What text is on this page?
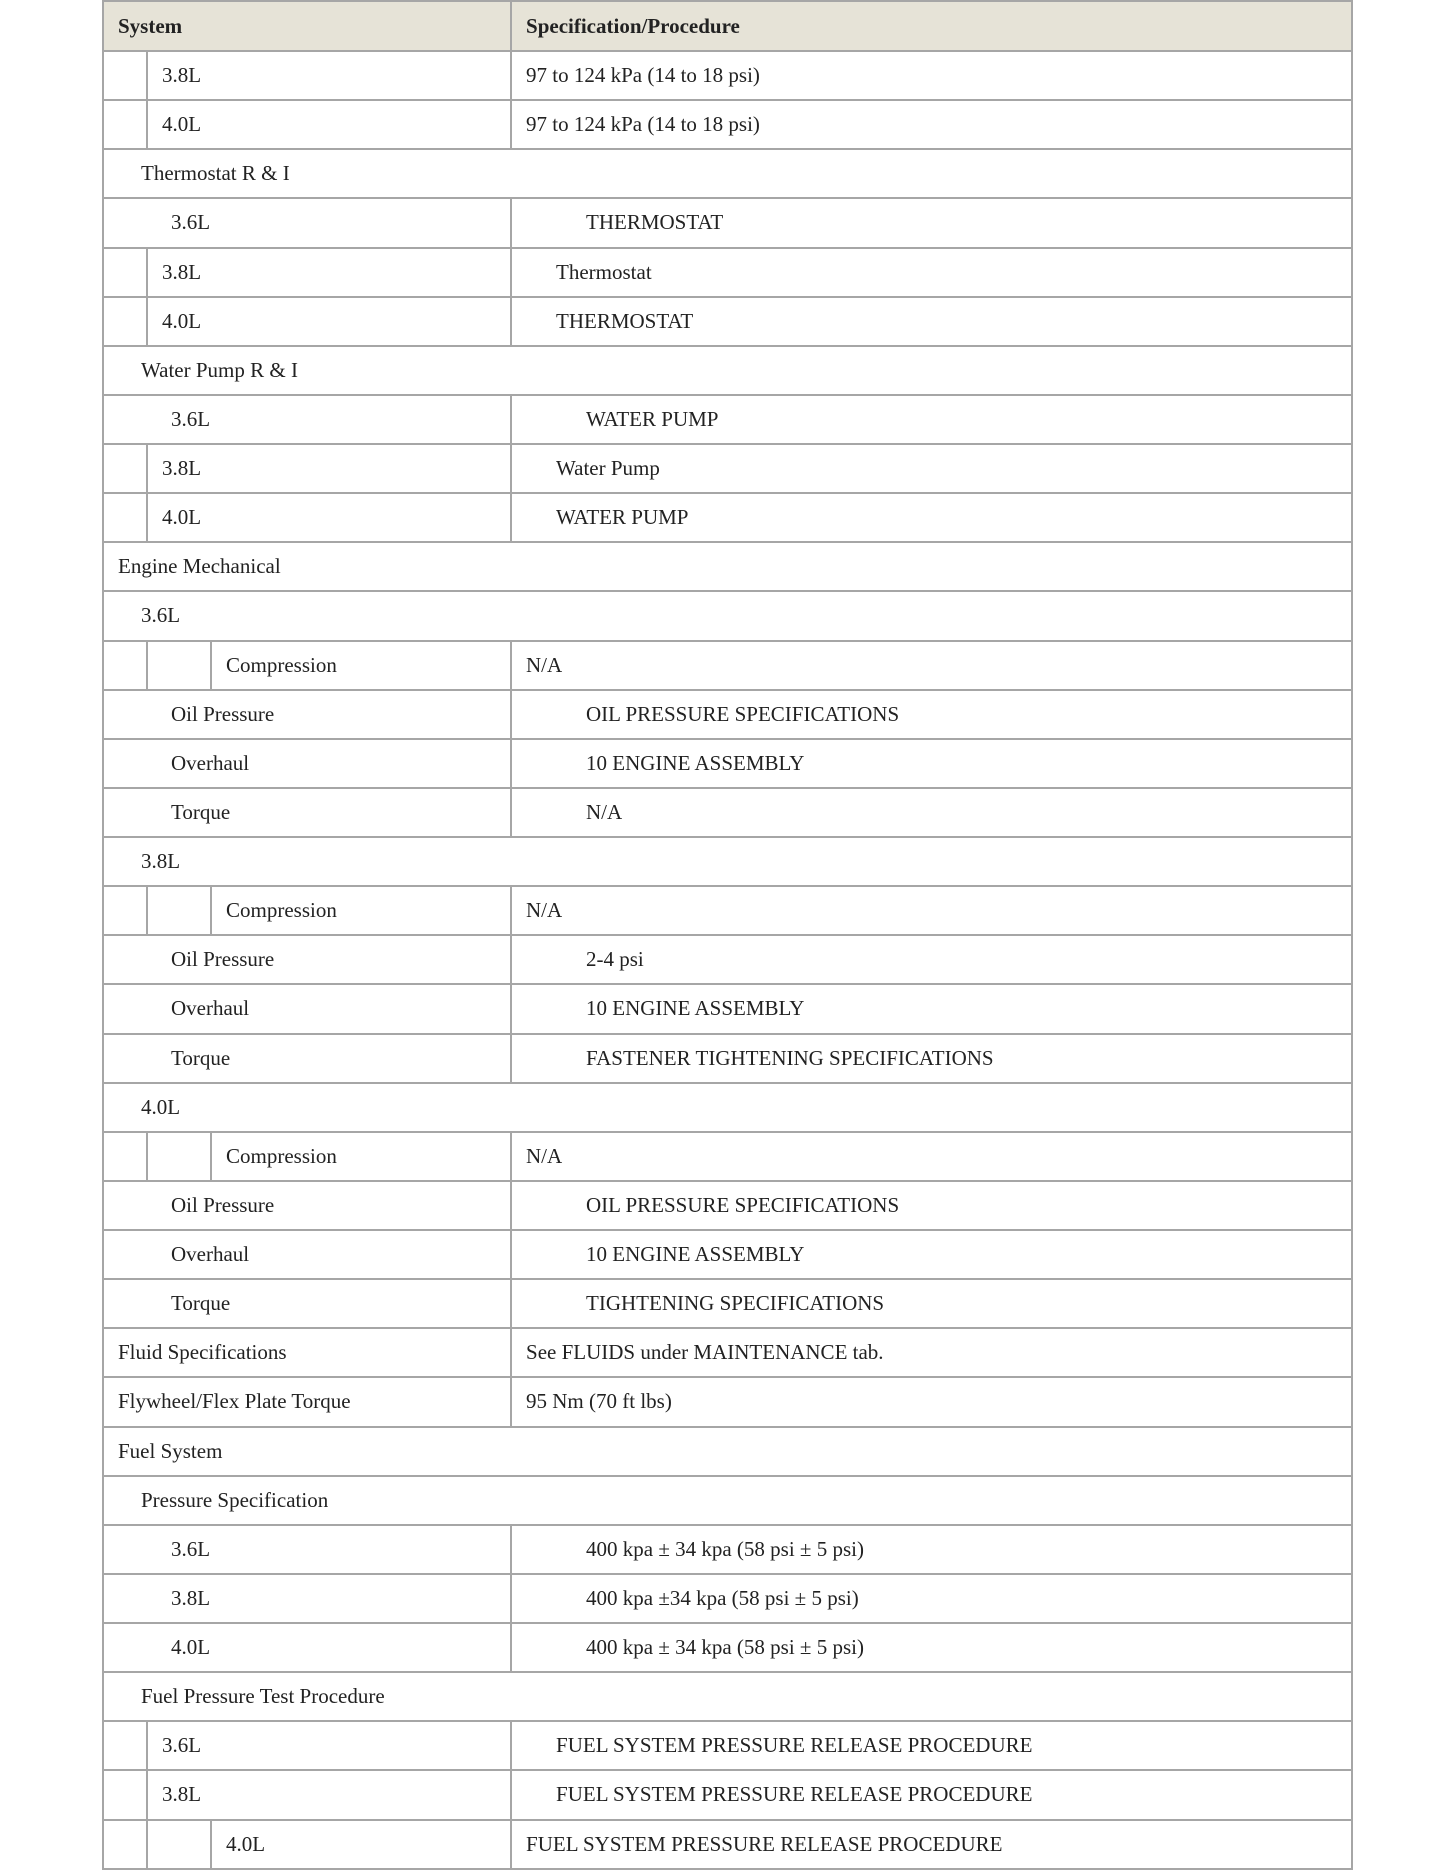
System			Specification/Procedure
	3.8L		97 to 124 kPa (14 to 18 psi)
	4.0L		97 to 124 kPa (14 to 18 psi)
Thermostat R & I			
3.6L			THERMOSTAT
	3.8L		Thermostat
	4.0L		THERMOSTAT
Water Pump R & I			
3.6L			WATER PUMP
	3.8L		Water Pump
	4.0L		WATER PUMP
Engine Mechanical			
3.6L			
		Compression	N/A
Oil Pressure			OIL PRESSURE SPECIFICATIONS
Overhaul			10 ENGINE ASSEMBLY
Torque			N/A
3.8L			
		Compression	N/A
Oil Pressure			2-4 psi
Overhaul			10 ENGINE ASSEMBLY
Torque			FASTENER TIGHTENING SPECIFICATIONS
4.0L			
		Compression	N/A
Oil Pressure			OIL PRESSURE SPECIFICATIONS
Overhaul			10 ENGINE ASSEMBLY
Torque			TIGHTENING SPECIFICATIONS
Fluid Specifications			See FLUIDS under MAINTENANCE tab.
Flywheel/Flex Plate Torque			95 Nm (70 ft lbs)
Fuel System			
Pressure Specification			
3.6L			400 kpa ± 34 kpa (58 psi ± 5 psi)
3.8L			400 kpa ±34 kpa (58 psi ± 5 psi)
4.0L			400 kpa ± 34 kpa (58 psi ± 5 psi)
Fuel Pressure Test Procedure			
	3.6L		FUEL SYSTEM PRESSURE RELEASE PROCEDURE
	3.8L		FUEL SYSTEM PRESSURE RELEASE PROCEDURE
		4.0L	FUEL SYSTEM PRESSURE RELEASE PROCEDURE
